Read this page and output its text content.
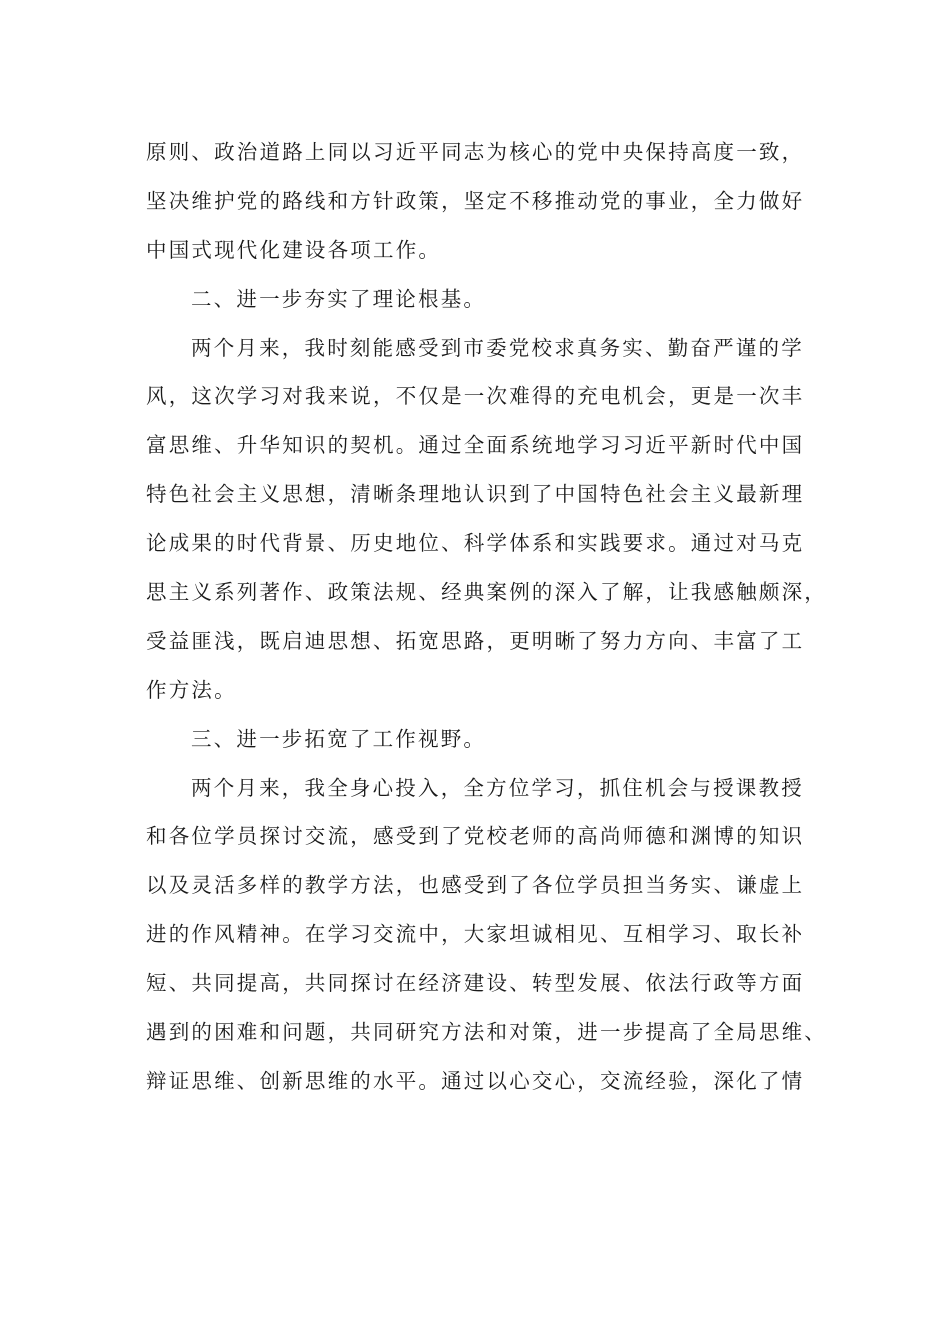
原则、政治道路上同以习近平同志为核心的党中央保持高度一致，
坚决维护党的路线和方针政策，坚定不移推动党的事业，全力做好
中国式现代化建设各项工作。
二、进一步夯实了理论根基。
两个月来，我时刻能感受到市委党校求真务实、勤奋严谨的学
风，这次学习对我来说，不仅是一次难得的充电机会，更是一次丰
富思维、升华知识的契机。通过全面系统地学习习近平新时代中国
特色社会主义思想，清晰条理地认识到了中国特色社会主义最新理
论成果的时代背景、历史地位、科学体系和实践要求。通过对马克
思主义系列著作、政策法规、经典案例的深入了解，让我感触颇深，
受益匪浅，既启迪思想、拓宽思路，更明晰了努力方向、丰富了工
作方法。
三、进一步拓宽了工作视野。
两个月来，我全身心投入，全方位学习，抓住机会与授课教授
和各位学员探讨交流，感受到了党校老师的高尚师德和渊博的知识
以及灵活多样的教学方法，也感受到了各位学员担当务实、谦虚上
进的作风精神。在学习交流中，大家坦诚相见、互相学习、取长补
短、共同提高，共同探讨在经济建设、转型发展、依法行政等方面
遇到的困难和问题，共同研究方法和对策，进一步提高了全局思维、
辩证思维、创新思维的水平。通过以心交心，交流经验，深化了情
